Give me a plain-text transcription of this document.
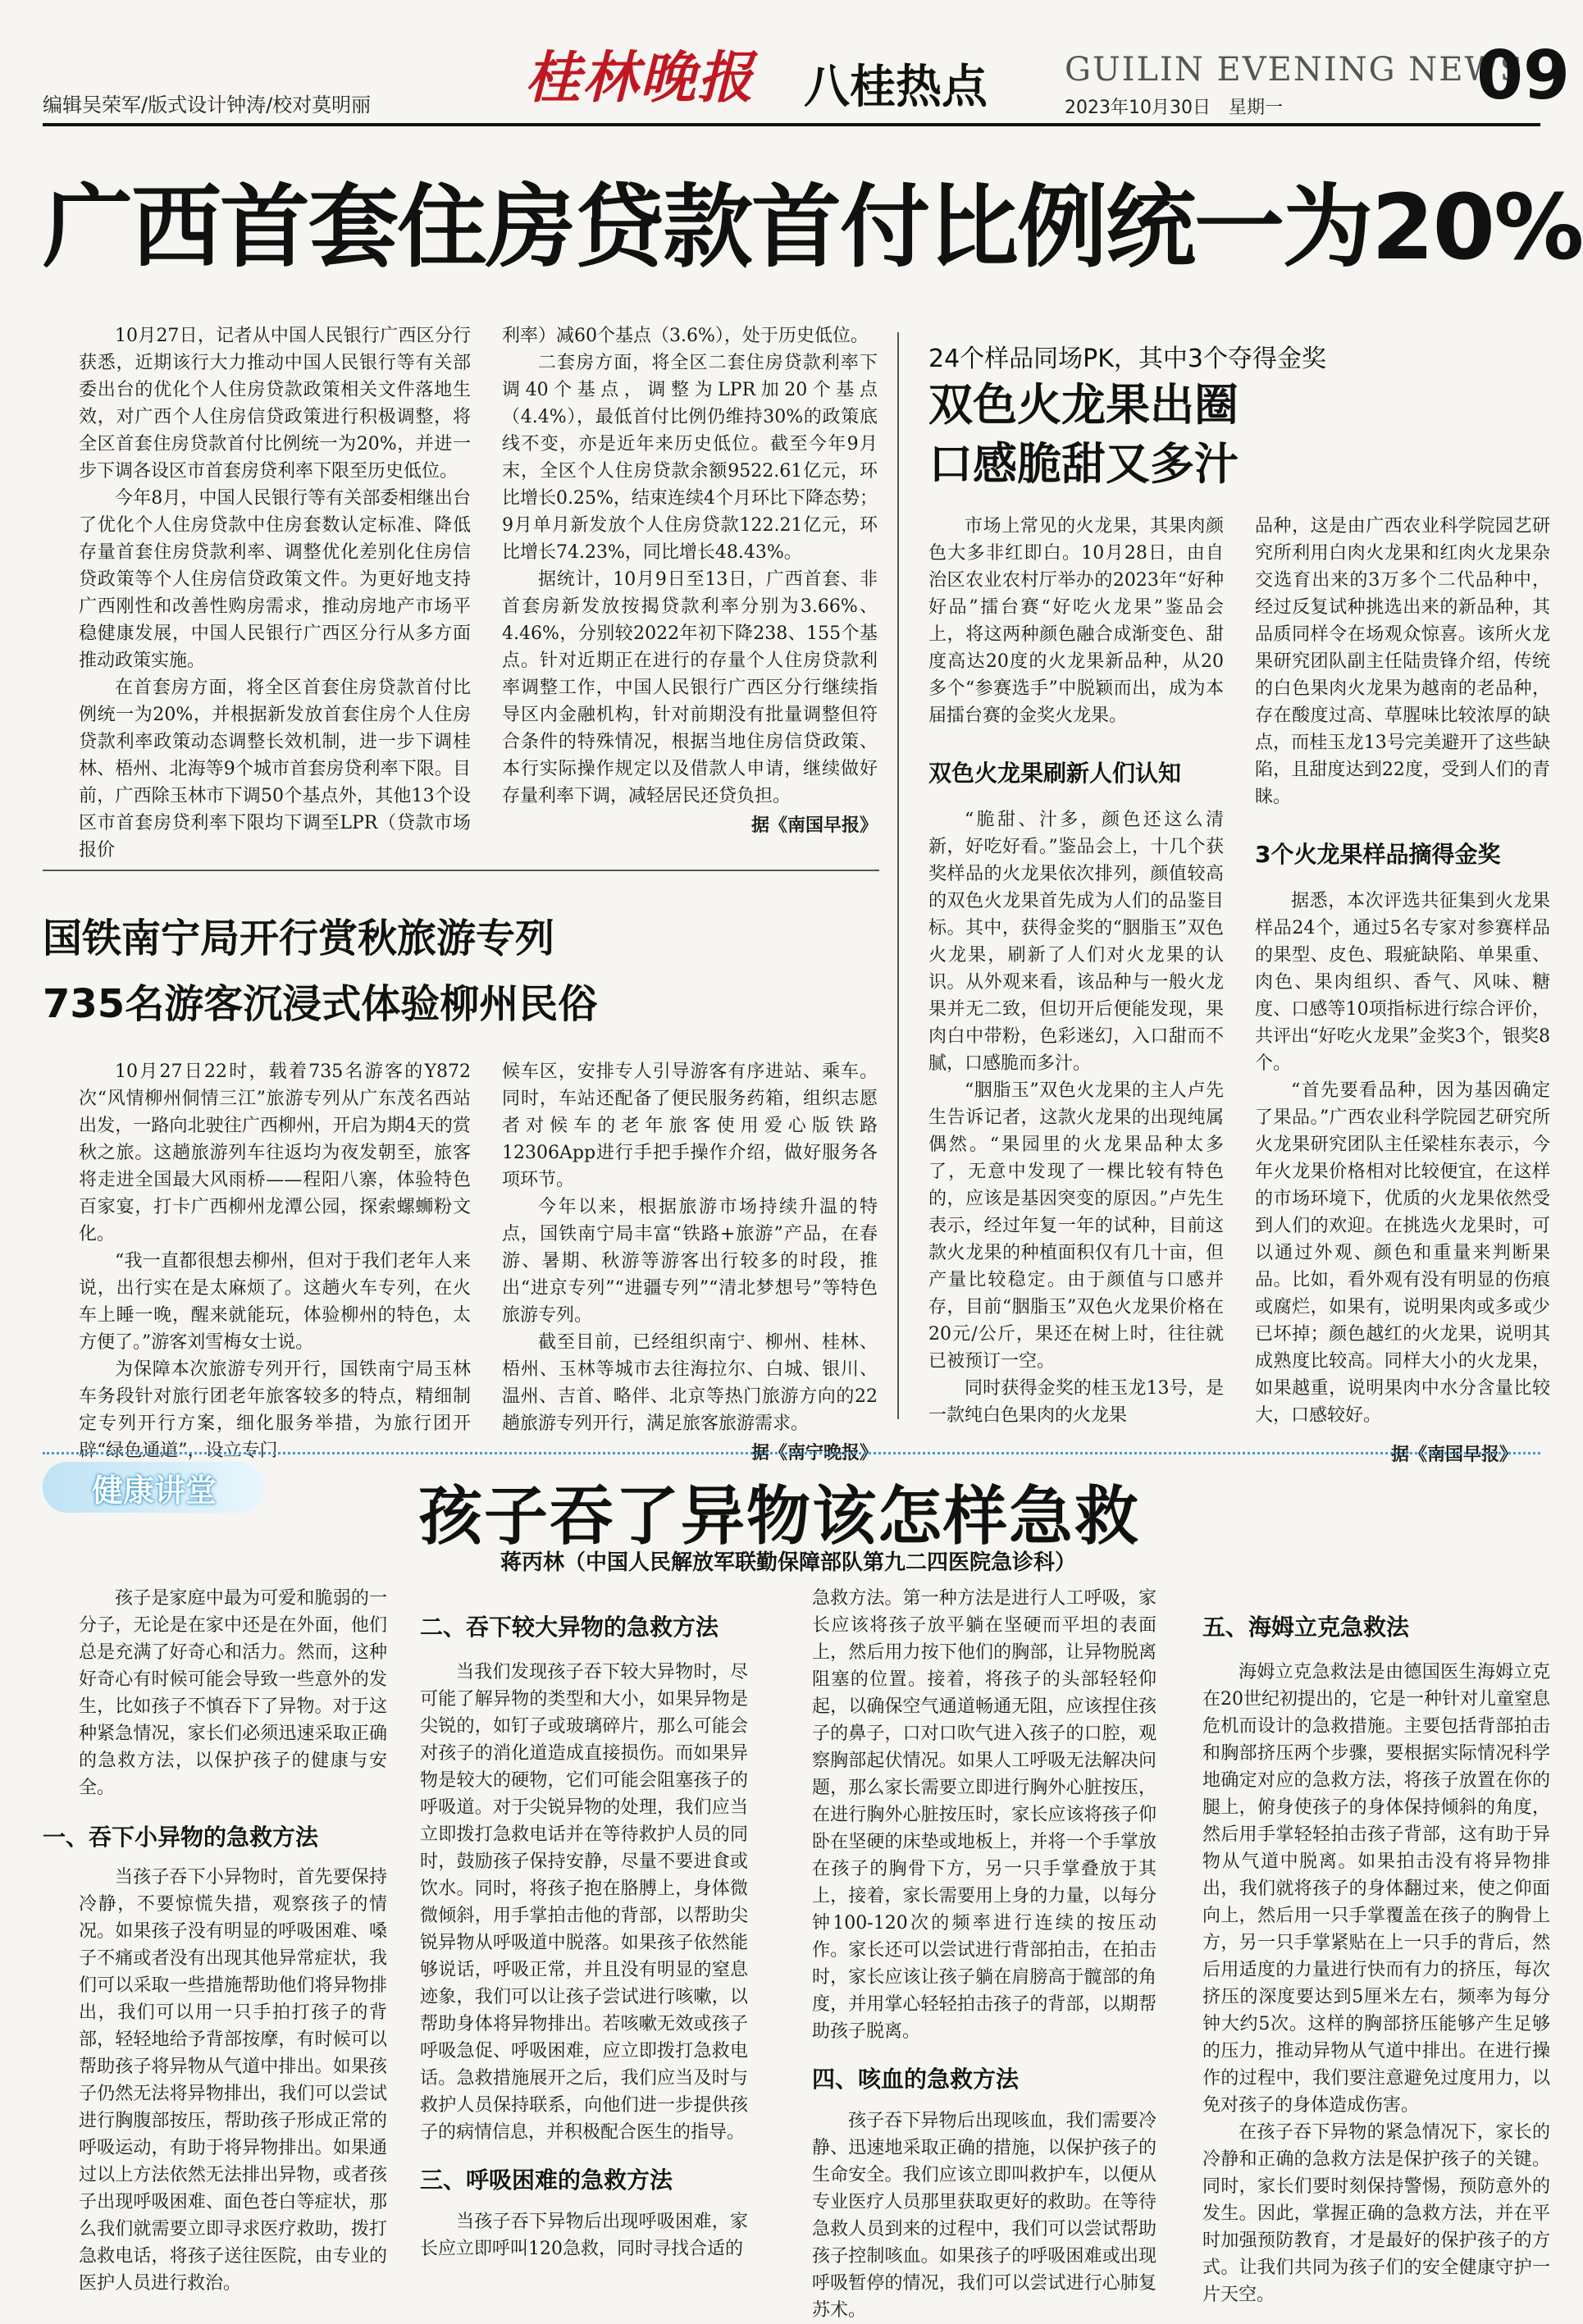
编辑吴荣军/版式设计钟涛/校对莫明丽	桂林晚报 八桂热点 GUILIN EVENING NEWS
2023年10月30日　星期一	09
广西首套住房贷款首付比例统一为20%

10月27日，记者从中国人民银行广西区分行获悉，近期该行大力推动中国人民银行等有关部委出台的优化个人住房贷款政策相关文件落地生效，对广西个人住房信贷政策进行积极调整，将全区首套住房贷款首付比例统一为20%，并进一步下调各设区市首套房贷利率下限至历史低位。

今年8月，中国人民银行等有关部委相继出台了优化个人住房贷款中住房套数认定标准、降低存量首套住房贷款利率、调整优化差别化住房信贷政策等个人住房信贷政策文件。为更好地支持广西刚性和改善性购房需求，推动房地产市场平稳健康发展，中国人民银行广西区分行从多方面推动政策实施。

在首套房方面，将全区首套住房贷款首付比例统一为20%，并根据新发放首套住房个人住房贷款利率政策动态调整长效机制，进一步下调桂林、梧州、北海等9个城市首套房贷利率下限。目前，广西除玉林市下调50个基点外，其他13个设区市首套房贷利率下限均下调至LPR（贷款市场报价

利率）减60个基点（3.6%），处于历史低位。

二套房方面，将全区二套住房贷款利率下调40个基点，调整为LPR加20个基点（4.4%），最低首付比例仍维持30%的政策底线不变，亦是近年来历史低位。截至今年9月末，全区个人住房贷款余额9522.61亿元，环比增长0.25%，结束连续4个月环比下降态势；9月单月新发放个人住房贷款122.21亿元，环比增长74.23%，同比增长48.43%。

据统计，10月9日至13日，广西首套、非首套房新发放按揭贷款利率分别为3.66%、4.46%，分别较2022年初下降238、155个基点。针对近期正在进行的存量个人住房贷款利率调整工作，中国人民银行广西区分行继续指导区内金融机构，针对前期没有批量调整但符合条件的特殊情况，根据当地住房信贷政策、本行实际操作规定以及借款人申请，继续做好存量利率下调，减轻居民还贷负担。

据《南国早报》
24个样品同场PK，其中3个夺得金奖
双色火龙果出圈
口感脆甜又多汁

市场上常见的火龙果，其果肉颜色大多非红即白。10月28日，由自治区农业农村厅举办的2023年“好种好品”擂台赛“好吃火龙果”鉴品会上，将这两种颜色融合成渐变色、甜度高达20度的火龙果新品种，从20多个“参赛选手”中脱颖而出，成为本届擂台赛的金奖火龙果。

双色火龙果刷新人们认知

“脆甜、汁多，颜色还这么清新，好吃好看。”鉴品会上，十几个获奖样品的火龙果依次排列，颜值较高的双色火龙果首先成为人们的品鉴目标。其中，获得金奖的“胭脂玉”双色火龙果，刷新了人们对火龙果的认识。从外观来看，该品种与一般火龙果并无二致，但切开后便能发现，果肉白中带粉，色彩迷幻，入口甜而不腻，口感脆而多汁。

“胭脂玉”双色火龙果的主人卢先生告诉记者，这款火龙果的出现纯属偶然。“果园里的火龙果品种太多了，无意中发现了一棵比较有特色的，应该是基因突变的原因。”卢先生表示，经过年复一年的试种，目前这款火龙果的种植面积仅有几十亩，但产量比较稳定。由于颜值与口感并存，目前“胭脂玉”双色火龙果价格在20元/公斤，果还在树上时，往往就已被预订一空。

同时获得金奖的桂玉龙13号，是一款纯白色果肉的火龙果

品种，这是由广西农业科学院园艺研究所利用白肉火龙果和红肉火龙果杂交选育出来的3万多个二代品种中，经过反复试种挑选出来的新品种，其品质同样令在场观众惊喜。该所火龙果研究团队副主任陆贵锋介绍，传统的白色果肉火龙果为越南的老品种，存在酸度过高、草腥味比较浓厚的缺点，而桂玉龙13号完美避开了这些缺陷，且甜度达到22度，受到人们的青睐。

3个火龙果样品摘得金奖

据悉，本次评选共征集到火龙果样品24个，通过5名专家对参赛样品的果型、皮色、瑕疵缺陷、单果重、肉色、果肉组织、香气、风味、糖度、口感等10项指标进行综合评价，共评出“好吃火龙果”金奖3个，银奖8个。

“首先要看品种，因为基因确定了果品。”广西农业科学院园艺研究所火龙果研究团队主任梁桂东表示，今年火龙果价格相对比较便宜，在这样的市场环境下，优质的火龙果依然受到人们的欢迎。在挑选火龙果时，可以通过外观、颜色和重量来判断果品。比如，看外观有没有明显的伤痕或腐烂，如果有，说明果肉或多或少已坏掉；颜色越红的火龙果，说明其成熟度比较高。同样大小的火龙果，如果越重，说明果肉中水分含量比较大，口感较好。

据《南国早报》
国铁南宁局开行赏秋旅游专列
735名游客沉浸式体验柳州民俗

10月27日22时，载着735名游客的Y872次“风情柳州侗情三江”旅游专列从广东茂名西站出发，一路向北驶往广西柳州，开启为期4天的赏秋之旅。这趟旅游列车往返均为夜发朝至，旅客将走进全国最大风雨桥——程阳八寨，体验特色百家宴，打卡广西柳州龙潭公园，探索螺蛳粉文化。

“我一直都很想去柳州，但对于我们老年人来说，出行实在是太麻烦了。这趟火车专列，在火车上睡一晚，醒来就能玩，体验柳州的特色，太方便了。”游客刘雪梅女士说。

为保障本次旅游专列开行，国铁南宁局玉林车务段针对旅行团老年旅客较多的特点，精细制定专列开行方案，细化服务举措，为旅行团开辟“绿色通道”，设立专门

候车区，安排专人引导游客有序进站、乘车。同时，车站还配备了便民服务药箱，组织志愿者对候车的老年旅客使用爱心版铁路12306App进行手把手操作介绍，做好服务各项环节。

今年以来，根据旅游市场持续升温的特点，国铁南宁局丰富“铁路+旅游”产品，在春游、暑期、秋游等游客出行较多的时段，推出“进京专列”“进疆专列”“清北梦想号”等特色旅游专列。

截至目前，已经组织南宁、柳州、桂林、梧州、玉林等城市去往海拉尔、白城、银川、温州、吉首、略伴、北京等热门旅游方向的22趟旅游专列开行，满足旅客旅游需求。

据《南宁晚报》
健康讲堂	孩子吞了异物该怎样急救
蒋丙林（中国人民解放军联勤保障部队第九二四医院急诊科）

孩子是家庭中最为可爱和脆弱的一分子，无论是在家中还是在外面，他们总是充满了好奇心和活力。然而，这种好奇心有时候可能会导致一些意外的发生，比如孩子不慎吞下了异物。对于这种紧急情况，家长们必须迅速采取正确的急救方法，以保护孩子的健康与安全。

一、吞下小异物的急救方法

当孩子吞下小异物时，首先要保持冷静，不要惊慌失措，观察孩子的情况。如果孩子没有明显的呼吸困难、嗓子不痛或者没有出现其他异常症状，我们可以采取一些措施帮助他们将异物排出，我们可以用一只手拍打孩子的背部，轻轻地给予背部按摩，有时候可以帮助孩子将异物从气道中排出。如果孩子仍然无法将异物排出，我们可以尝试进行胸腹部按压，帮助孩子形成正常的呼吸运动，有助于将异物排出。如果通过以上方法依然无法排出异物，或者孩子出现呼吸困难、面色苍白等症状，那么我们就需要立即寻求医疗救助，拨打急救电话，将孩子送往医院，由专业的医护人员进行救治。

二、吞下较大异物的急救方法

当我们发现孩子吞下较大异物时，尽可能了解异物的类型和大小，如果异物是尖锐的，如钉子或玻璃碎片，那么可能会对孩子的消化道造成直接损伤。而如果异物是较大的硬物，它们可能会阻塞孩子的呼吸道。对于尖锐异物的处理，我们应当立即拨打急救电话并在等待救护人员的同时，鼓励孩子保持安静，尽量不要进食或饮水。同时，将孩子抱在胳膊上，身体微微倾斜，用手掌拍击他的背部，以帮助尖锐异物从呼吸道中脱落。如果孩子依然能够说话，呼吸正常，并且没有明显的窒息迹象，我们可以让孩子尝试进行咳嗽，以帮助身体将异物排出。若咳嗽无效或孩子呼吸急促、呼吸困难，应立即拨打急救电话。急救措施展开之后，我们应当及时与救护人员保持联系，向他们进一步提供孩子的病情信息，并积极配合医生的指导。

三、呼吸困难的急救方法

当孩子吞下异物后出现呼吸困难，家长应立即呼叫120急救，同时寻找合适的

急救方法。第一种方法是进行人工呼吸，家长应该将孩子放平躺在坚硬而平坦的表面上，然后用力按下他们的胸部，让异物脱离阻塞的位置。接着，将孩子的头部轻轻仰起，以确保空气通道畅通无阻，应该捏住孩子的鼻子，口对口吹气进入孩子的口腔，观察胸部起伏情况。如果人工呼吸无法解决问题，那么家长需要立即进行胸外心脏按压，在进行胸外心脏按压时，家长应该将孩子仰卧在坚硬的床垫或地板上，并将一个手掌放在孩子的胸骨下方，另一只手掌叠放于其上，接着，家长需要用上身的力量，以每分钟100-120次的频率进行连续的按压动作。家长还可以尝试进行背部拍击，在拍击时，家长应该让孩子躺在肩膀高于髋部的角度，并用掌心轻轻拍击孩子的背部，以期帮助孩子脱离。

四、咳血的急救方法

孩子吞下异物后出现咳血，我们需要冷静、迅速地采取正确的措施，以保护孩子的生命安全。我们应该立即叫救护车，以便从专业医疗人员那里获取更好的救助。在等待急救人员到来的过程中，我们可以尝试帮助孩子控制咳血。如果孩子的呼吸困难或出现呼吸暂停的情况，我们可以尝试进行心肺复苏术。

五、海姆立克急救法

海姆立克急救法是由德国医生海姆立克在20世纪初提出的，它是一种针对儿童窒息危机而设计的急救措施。主要包括背部拍击和胸部挤压两个步骤，要根据实际情况科学地确定对应的急救方法，将孩子放置在你的腿上，俯身使孩子的身体保持倾斜的角度，然后用手掌轻轻拍击孩子背部，这有助于异物从气道中脱离。如果拍击没有将异物排出，我们就将孩子的身体翻过来，使之仰面向上，然后用一只手掌覆盖在孩子的胸骨上方，另一只手掌紧贴在上一只手的背后，然后用适度的力量进行快而有力的挤压，每次挤压的深度要达到5厘米左右，频率为每分钟大约5次。这样的胸部挤压能够产生足够的压力，推动异物从气道中排出。在进行操作的过程中，我们要注意避免过度用力，以免对孩子的身体造成伤害。

在孩子吞下异物的紧急情况下，家长的冷静和正确的急救方法是保护孩子的关键。同时，家长们要时刻保持警惕，预防意外的发生。因此，掌握正确的急救方法，并在平时加强预防教育，才是最好的保护孩子的方式。让我们共同为孩子们的安全健康守护一片天空。
